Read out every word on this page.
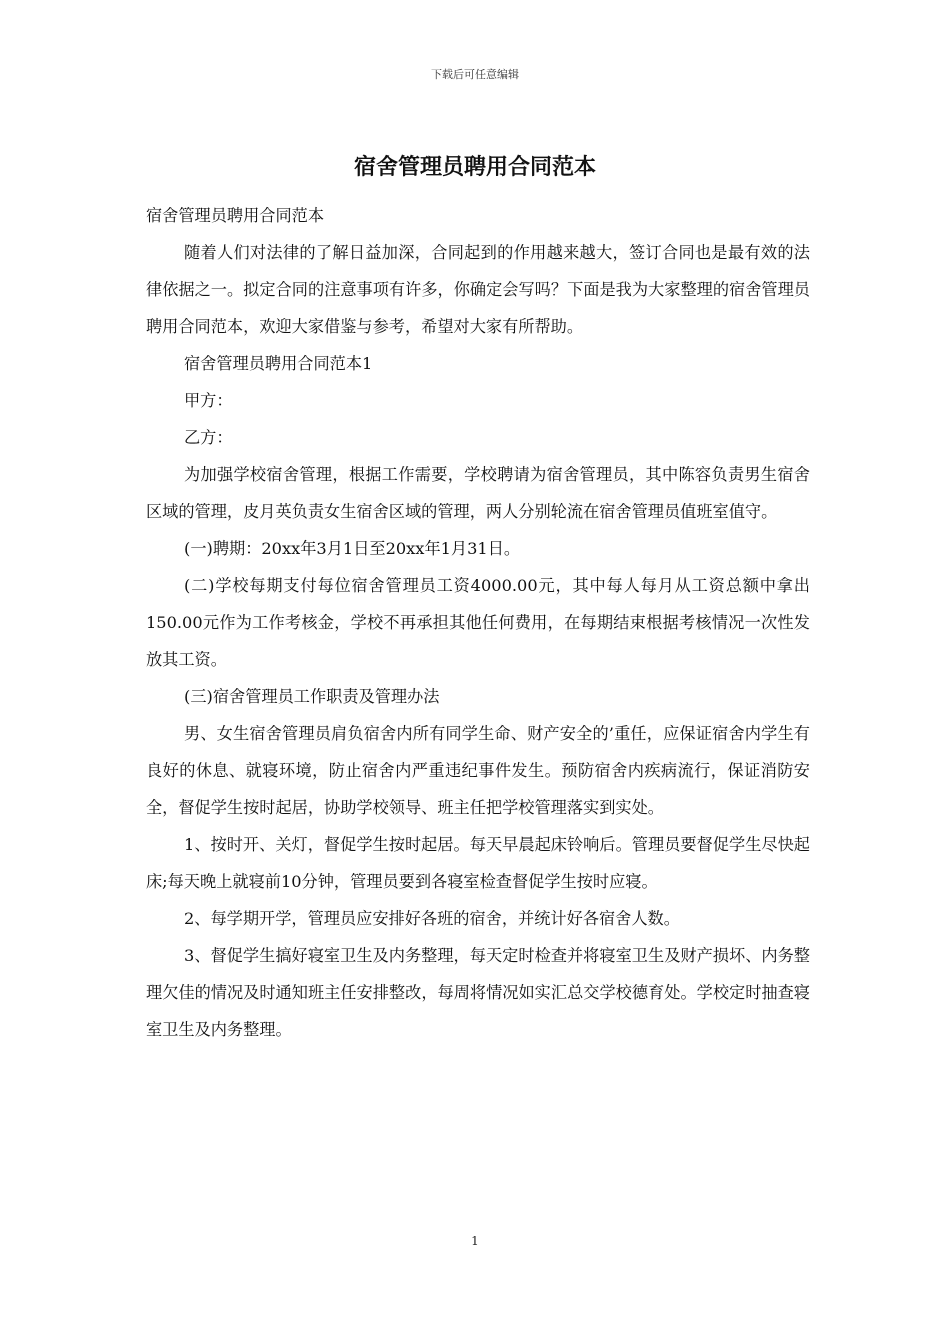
下载后可任意编辑
宿舍管理员聘用合同范本

宿舍管理员聘用合同范本

随着人们对法律的了解日益加深，合同起到的作用越来越大，签订合同也是最有效的法律依据之一。拟定合同的注意事项有许多，你确定会写吗？下面是我为大家整理的宿舍管理员聘用合同范本，欢迎大家借鉴与参考，希望对大家有所帮助。

宿舍管理员聘用合同范本1

甲方：

乙方：

为加强学校宿舍管理，根据工作需要，学校聘请为宿舍管理员，其中陈容负责男生宿舍区域的管理，皮月英负责女生宿舍区域的管理，两人分别轮流在宿舍管理员值班室值守。

(一)聘期：20xx年3月1日至20xx年1月31日。

(二)学校每期支付每位宿舍管理员工资4000.00元，其中每人每月从工资总额中拿出150.00元作为工作考核金，学校不再承担其他任何费用，在每期结束根据考核情况一次性发放其工资。

(三)宿舍管理员工作职责及管理办法

男、女生宿舍管理员肩负宿舍内所有同学生命、财产安全的’重任，应保证宿舍内学生有良好的休息、就寝环境，防止宿舍内严重违纪事件发生。预防宿舍内疾病流行，保证消防安全，督促学生按时起居，协助学校领导、班主任把学校管理落实到实处。

1、按时开、关灯，督促学生按时起居。每天早晨起床铃响后。管理员要督促学生尽快起床;每天晚上就寝前10分钟，管理员要到各寝室检查督促学生按时应寝。

2、每学期开学，管理员应安排好各班的宿舍，并统计好各宿舍人数。

3、督促学生搞好寝室卫生及内务整理，每天定时检查并将寝室卫生及财产损坏、内务整理欠佳的情况及时通知班主任安排整改，每周将情况如实汇总交学校德育处。学校定时抽查寝室卫生及内务整理。

1
